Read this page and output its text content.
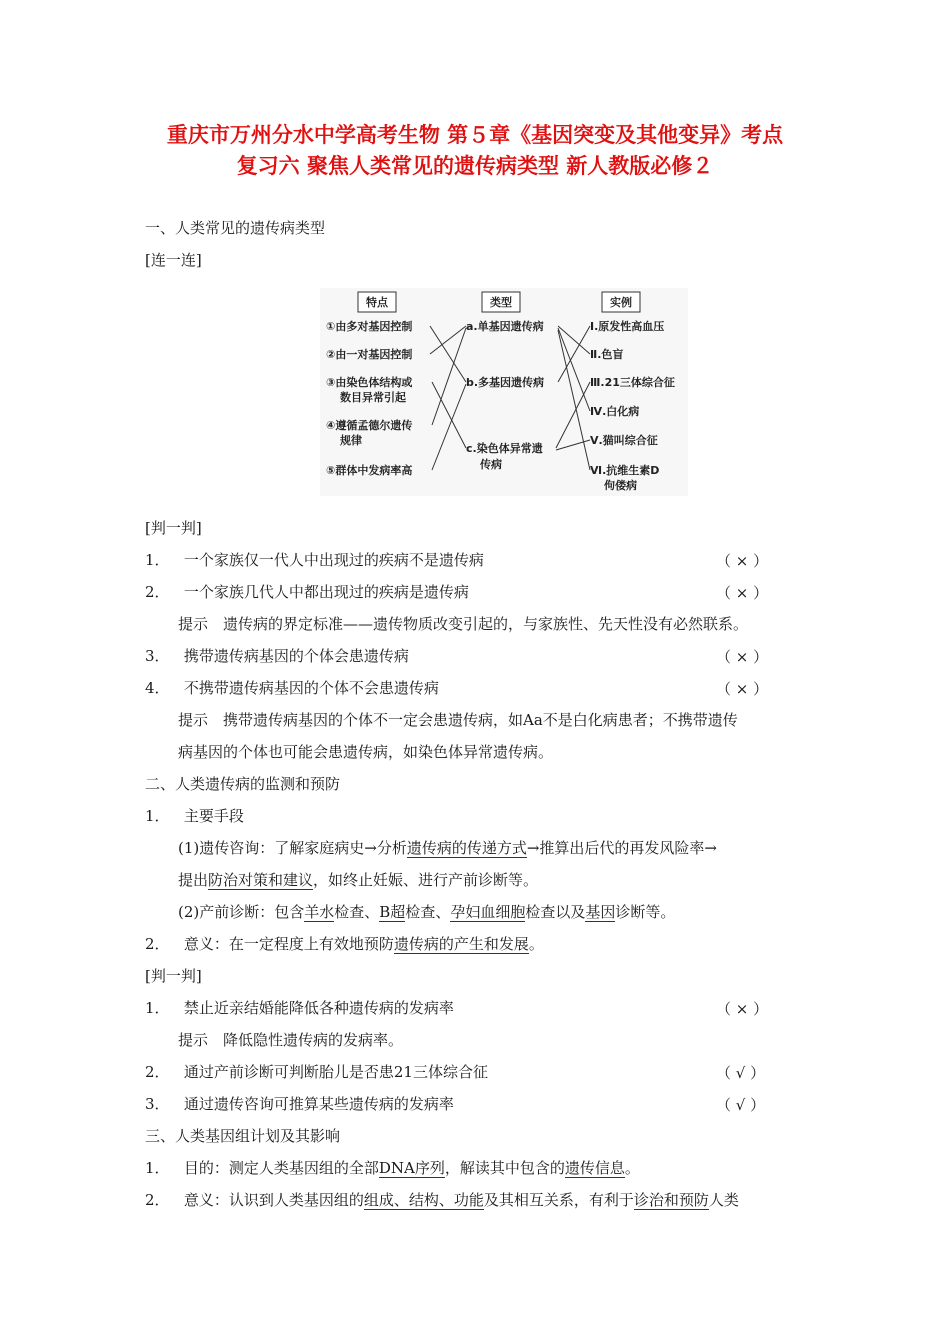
重庆市万州分水中学高考生物 第５章《基因突变及其他变异》考点
复习六 聚焦人类常见的遗传病类型 新人教版必修２
一、人类常见的遗传病类型
[连一连]
特点	类型	实例
①由多对基因控制
②由一对基因控制
③由染色体结构或
数目异常引起
④遵循孟德尔遗传
规律
⑤群体中发病率高
a.单基因遗传病
b.多基因遗传病
c.染色体异常遗
传病
Ⅰ.原发性高血压
Ⅱ.色盲
Ⅲ.21三体综合征
Ⅳ.白化病
Ⅴ.猫叫综合征
Ⅵ.抗维生素D
佝偻病
[判一判]
1． 一个家族仅一代人中出现过的疾病不是遗传病	（ × ）
2． 一个家族几代人中都出现过的疾病是遗传病	（ × ）
提示　遗传病的界定标准——遗传物质改变引起的，与家族性、先天性没有必然联系。
3． 携带遗传病基因的个体会患遗传病	（ × ）
4． 不携带遗传病基因的个体不会患遗传病	（ × ）
提示　携带遗传病基因的个体不一定会患遗传病，如Aa不是白化病患者；不携带遗传
病基因的个体也可能会患遗传病，如染色体异常遗传病。
二、人类遗传病的监测和预防
1． 主要手段
(1)遗传咨询：了解家庭病史→分析遗传病的传递方式→推算出后代的再发风险率→
提出防治对策和建议，如终止妊娠、进行产前诊断等。
(2)产前诊断：包含羊水检查、B超检查、孕妇血细胞检查以及基因诊断等。
2． 意义：在一定程度上有效地预防遗传病的产生和发展。
[判一判]
1． 禁止近亲结婚能降低各种遗传病的发病率	（ × ）
提示　降低隐性遗传病的发病率。
2． 通过产前诊断可判断胎儿是否患21三体综合征	（ √ ）
3． 通过遗传咨询可推算某些遗传病的发病率	（ √ ）
三、人类基因组计划及其影响
1． 目的：测定人类基因组的全部DNA序列，解读其中包含的遗传信息。
2． 意义：认识到人类基因组的组成、结构、功能及其相互关系，有利于诊治和预防人类
